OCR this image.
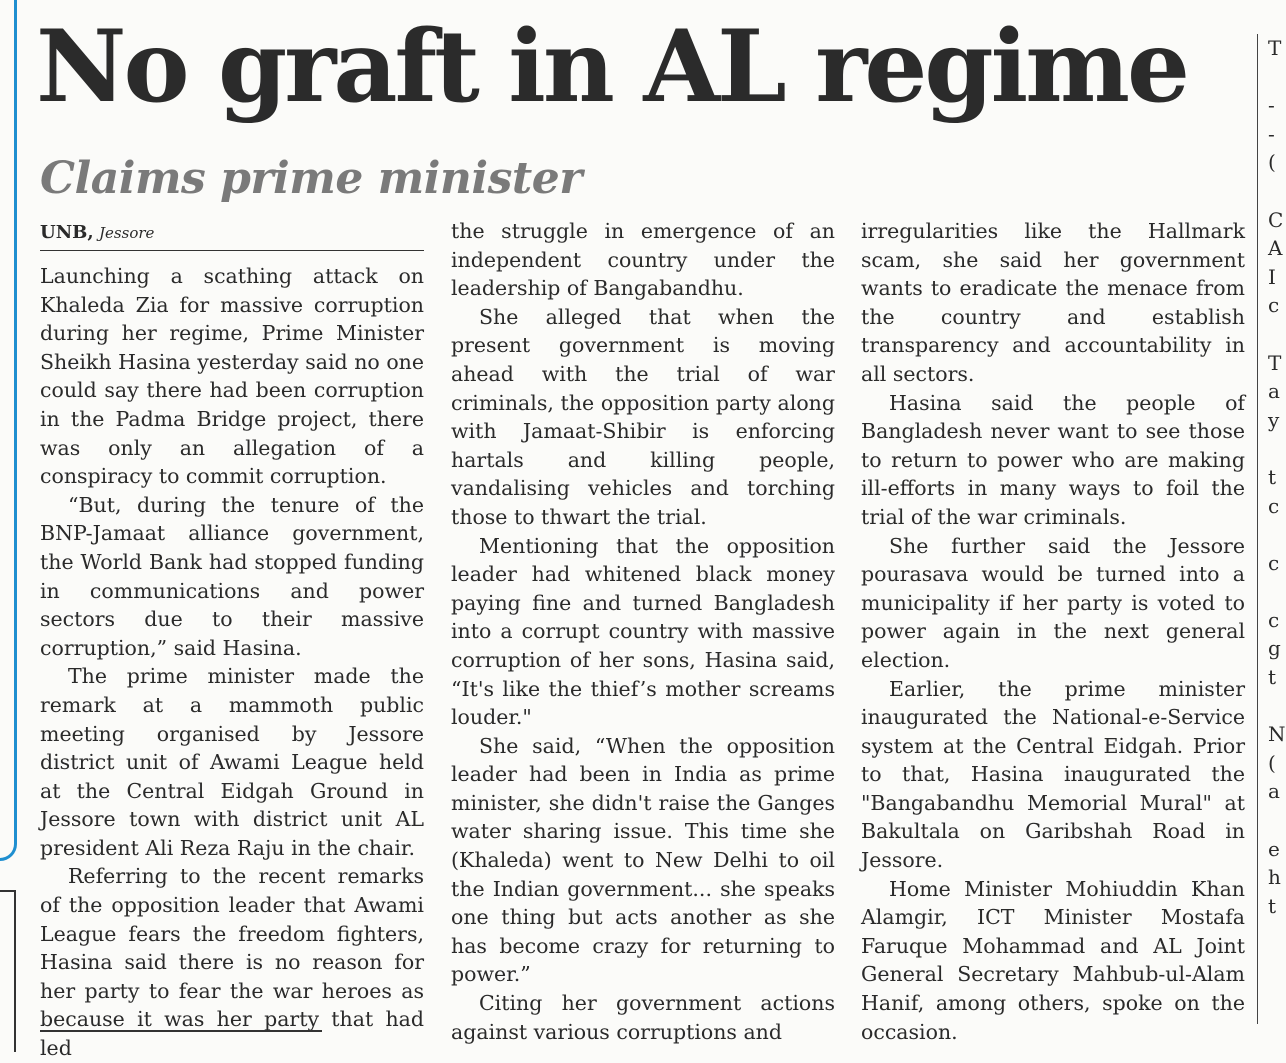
No graft in AL regime
Claims prime minister
UNB, Jessore

Launching a scathing attack on Khaleda Zia for massive corruption during her regime, Prime Minister Sheikh Hasina yesterday said no one could say there had been corruption in the Padma Bridge project, there was only an allegation of a conspiracy to commit corruption.

“But, during the tenure of the BNP-Jamaat alliance government, the World Bank had stopped funding in communications and power sectors due to their massive corruption,” said Hasina.

The prime minister made the remark at a mammoth public meeting organised by Jessore district unit of Awami League held at the Central Eidgah Ground in Jessore town with district unit AL president Ali Reza Raju in the chair.

Referring to the recent remarks of the opposition leader that Awami League fears the freedom fighters, Hasina said there is no reason for her party to fear the war heroes as because it was her party that had led

the struggle in emergence of an independent country under the leadership of Bangabandhu.

She alleged that when the present government is moving ahead with the trial of war criminals, the opposition party along with Jamaat-Shibir is enforcing hartals and killing people, vandalising vehicles and torching those to thwart the trial.

Mentioning that the opposition leader had whitened black money paying fine and turned Bangladesh into a corrupt country with massive corruption of her sons, Hasina said, “It's like the thief’s mother screams louder."

She said, “When the opposition leader had been in India as prime minister, she didn't raise the Ganges water sharing issue. This time she (Khaleda) went to New Delhi to oil the Indian government... she speaks one thing but acts another as she has become crazy for returning to power.”

Citing her government actions against various corruptions and

irregularities like the Hallmark scam, she said her government wants to eradicate the menace from the country and establish transparency and accountability in all sectors.

Hasina said the people of Bangladesh never want to see those to return to power who are making ill-efforts in many ways to foil the trial of the war criminals.

She further said the Jessore pourasava would be turned into a municipality if her party is voted to power again in the next general election.

Earlier, the prime minister inaugurated the National-e-Service system at the Central Eidgah. Prior to that, Hasina inaugurated the "Bangabandhu Memorial Mural" at Bakultala on Garibshah Road in Jessore.

Home Minister Mohiuddin Khan Alamgir, ICT Minister Mostafa Faruque Mohammad and AL Joint General Secretary Mahbub-ul-Alam Hanif, among others, spoke on the occasion.

T

-
-
(

C
A
I
c

T
a
y

t
c

c

c
g
t

N
(
a

e
h
t
